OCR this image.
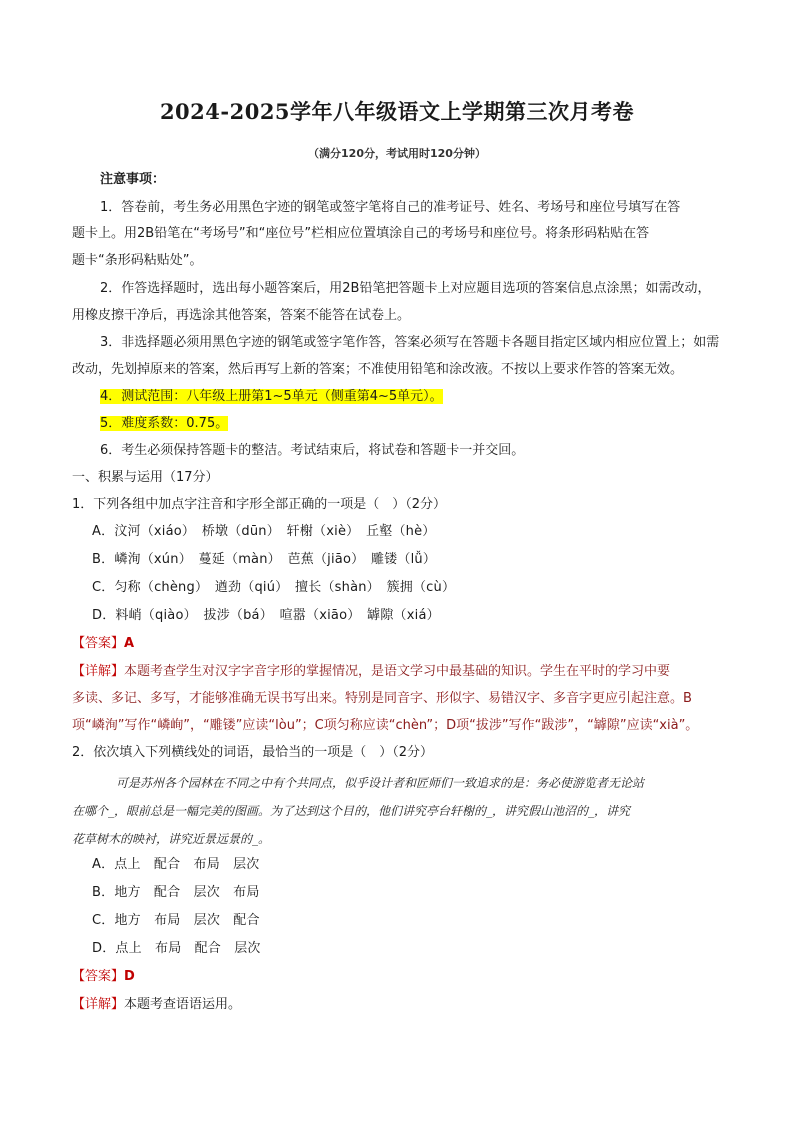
2024-2025学年八年级语文上学期第三次月考卷
（满分120分，考试用时120分钟）
注意事项：
1．答卷前，考生务必用黑色字迹的钢笔或签字笔将自己的准考证号、姓名、考场号和座位号填写在答
题卡上。用2B铅笔在“考场号”和“座位号”栏相应位置填涂自己的考场号和座位号。将条形码粘贴在答
题卡“条形码粘贴处”。
2．作答选择题时，选出每小题答案后，用2B铅笔把答题卡上对应题目选项的答案信息点涂黑；如需改动，
用橡皮擦干净后，再选涂其他答案，答案不能答在试卷上。
3．非选择题必须用黑色字迹的钢笔或签字笔作答，答案必须写在答题卡各题目指定区域内相应位置上；如需
改动，先划掉原来的答案，然后再写上新的答案；不准使用铅笔和涂改液。不按以上要求作答的答案无效。
4．测试范围：八年级上册第1~5单元（侧重第4~5单元）。
5．难度系数：0.75。
6．考生必须保持答题卡的整洁。考试结束后，将试卷和答题卡一并交回。
一、积累与运用（17分）
1．下列各组中加点字注音和字形全部正确的一项是（　）（2分）
A．汶河（xiáo）　桥墩（dūn）　轩榭（xiè）　丘壑（hè）
B．嶙洵（xún）　蔓延（màn）　芭蕉（jiāo）　雕镂（lǚ）
C．匀称（chèng）　遒劲（qiú）　擅长（shàn）　簇拥（cù）
D．料峭（qiào）　拔涉（bá）　喧嚣（xiāo）　罅隙（xiá）
【答案】A
【详解】本题考查学生对汉字字音字形的掌握情况，是语文学习中最基础的知识。学生在平时的学习中要
多读、多记、多写，才能够准确无误书写出来。特别是同音字、形似字、易错汉字、多音字更应引起注意。B
项“嶙洵”写作“嶙峋”，“雕镂”应读“lòu”；C项匀称应读“chèn”；D项“拔涉”写作“跋涉”，“罅隙”应读“xià”。
2．依次填入下列横线处的词语，最恰当的一项是（　）（2分）
可是苏州各个园林在不同之中有个共同点，似乎设计者和匠师们一致追求的是：务必使游览者无论站
在哪个_，眼前总是一幅完美的图画。为了达到这个目的，他们讲究亭台轩榭的_，讲究假山池沼的_，讲究
花草树木的映衬，讲究近景远景的_。
A．点上　配合　布局　层次
B．地方　配合　层次　布局
C．地方　布局　层次　配合
D．点上　布局　配合　层次
【答案】D
【详解】本题考查语语运用。
